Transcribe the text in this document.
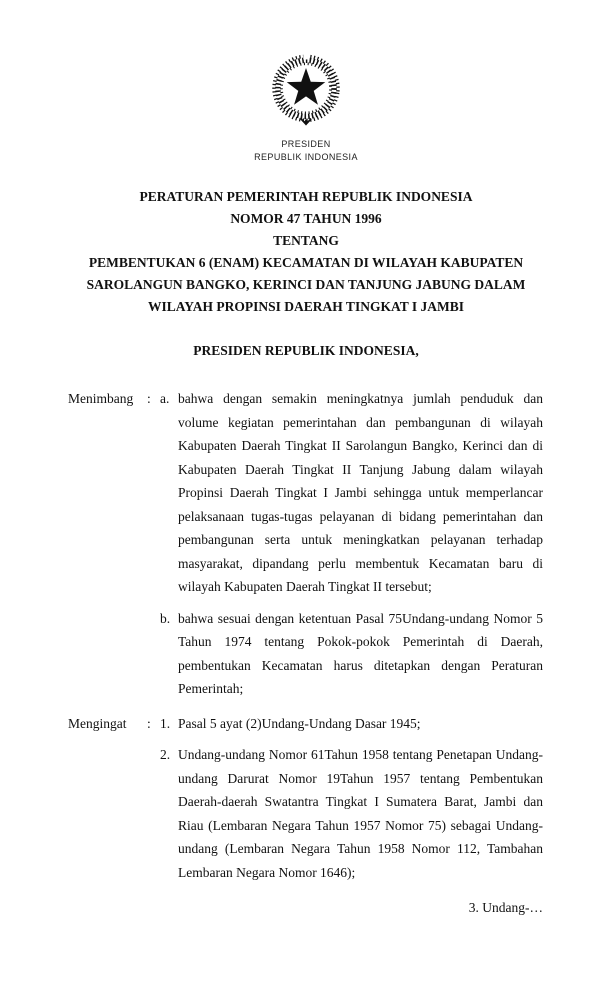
PRESIDEN
REPUBLIK INDONESIA
PERATURAN PEMERINTAH REPUBLIK INDONESIA
NOMOR 47 TAHUN 1996
TENTANG
PEMBENTUKAN 6 (ENAM) KECAMATAN DI WILAYAH KABUPATEN
SAROLANGUN BANGKO, KERINCI DAN TANJUNG JABUNG DALAM
WILAYAH PROPINSI DAERAH TINGKAT I JAMBI
PRESIDEN REPUBLIK INDONESIA,
Menimbang	: a. bahwa dengan semakin meningkatnya jumlah penduduk dan volume kegiatan pemerintahan dan pembangunan di wilayah Kabupaten Daerah Tingkat II Sarolangun Bangko, Kerinci dan di Kabupaten Daerah Tingkat II Tanjung Jabung dalam wilayah Propinsi Daerah Tingkat I Jambi sehingga untuk memperlancar pelaksanaan tugas-tugas pelayanan di bidang pemerintahan dan pembangunan serta untuk meningkatkan pelayanan terhadap masyarakat, dipandang perlu membentuk Kecamatan baru di wilayah Kabupaten Daerah Tingkat II tersebut;
b. bahwa sesuai dengan ketentuan Pasal 75Undang-undang Nomor 5 Tahun 1974 tentang Pokok-pokok Pemerintah di Daerah, pembentukan Kecamatan harus ditetapkan dengan Peraturan Pemerintah;
Mengingat	: 1. Pasal 5 ayat (2)Undang-Undang Dasar 1945;
2. Undang-undang Nomor 61Tahun 1958 tentang Penetapan Undang-undang Darurat Nomor 19Tahun 1957 tentang Pembentukan Daerah-daerah Swatantra Tingkat I Sumatera Barat, Jambi dan Riau (Lembaran Negara Tahun 1957 Nomor 75) sebagai Undang-undang (Lembaran Negara Tahun 1958 Nomor 112, Tambahan Lembaran Negara Nomor 1646);
3. Undang-…
